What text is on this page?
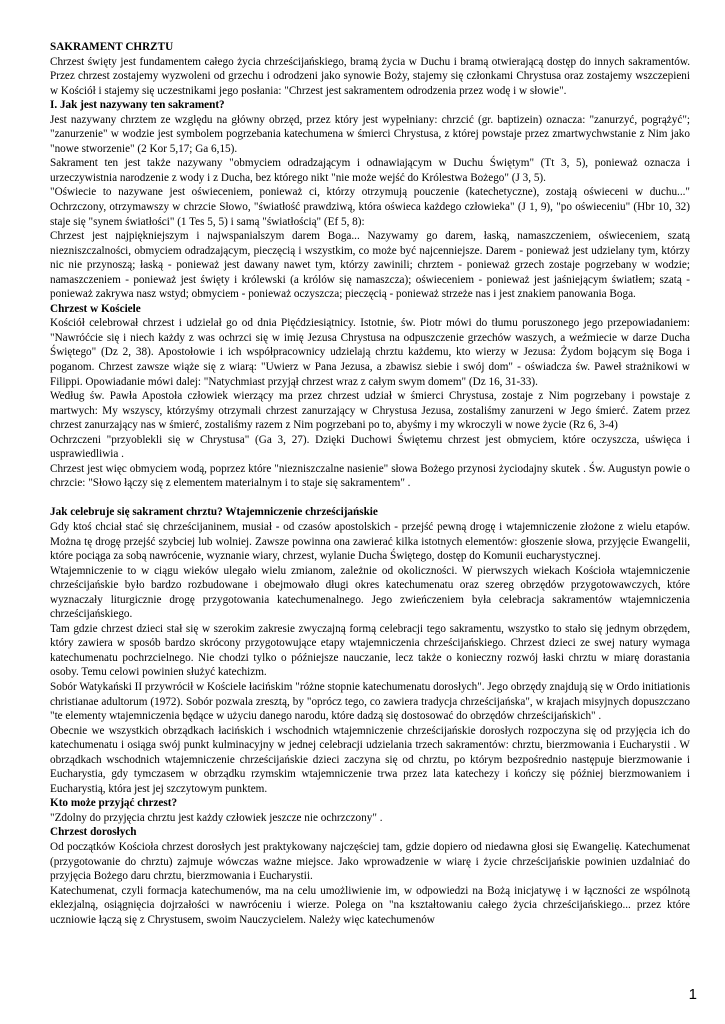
SAKRAMENT CHRZTU

Chrzest święty jest fundamentem całego życia chrześcijańskiego, bramą życia w Duchu i bramą otwierającą dostęp do innych sakramentów. Przez chrzest zostajemy wyzwoleni od grzechu i odrodzeni jako synowie Boży, stajemy się członkami Chrystusa oraz zostajemy wszczepieni w Kościół i stajemy się uczestnikami jego posłania: "Chrzest jest sakramentem odrodzenia przez wodę i w słowie".

I. Jak jest nazywany ten sakrament?

Jest nazywany chrztem ze względu na główny obrzęd, przez który jest wypełniany: chrzcić (gr. baptizein) oznacza: "zanurzyć, pogrążyć"; "zanurzenie" w wodzie jest symbolem pogrzebania katechumena w śmierci Chrystusa, z której powstaje przez zmartwychwstanie z Nim jako "nowe stworzenie" (2 Kor 5,17; Ga 6,15).

Sakrament ten jest także nazywany "obmyciem odradzającym i odnawiającym w Duchu Świętym" (Tt 3, 5), ponieważ oznacza i urzeczywistnia narodzenie z wody i z Ducha, bez którego nikt "nie może wejść do Królestwa Bożego" (J 3, 5).

"Oświecie to nazywane jest oświeceniem, ponieważ ci, którzy otrzymują pouczenie (katechetyczne), zostają oświeceni w duchu..." Ochrzczony, otrzymawszy w chrzcie Słowo, "światłość prawdziwą, która oświeca każdego człowieka" (J 1, 9), "po oświeceniu" (Hbr 10, 32) staje się "synem światłości" (1 Tes 5, 5) i samą "światłością" (Ef 5, 8):

Chrzest jest najpiękniejszym i najwspanialszym darem Boga... Nazywamy go darem, łaską, namaszczeniem, oświeceniem, szatą niezniszczalności, obmyciem odradzającym, pieczęcią i wszystkim, co może być najcenniejsze. Darem - ponieważ jest udzielany tym, którzy nic nie przynoszą; łaską - ponieważ jest dawany nawet tym, którzy zawinili; chrztem - ponieważ grzech zostaje pogrzebany w wodzie; namaszczeniem - ponieważ jest święty i królewski (a królów się namaszcza); oświeceniem - ponieważ jest jaśniejącym światłem; szatą - ponieważ zakrywa nasz wstyd; obmyciem - ponieważ oczyszcza; pieczęcią - ponieważ strzeże nas i jest znakiem panowania Boga.

Chrzest w Kościele

Kościół celebrował chrzest i udzielał go od dnia Pięćdziesiątnicy. Istotnie, św. Piotr mówi do tłumu poruszonego jego przepowiadaniem: "Nawróćcie się i niech każdy z was ochrzci się w imię Jezusa Chrystusa na odpuszczenie grzechów waszych, a weźmiecie w darze Ducha Świętego" (Dz 2, 38). Apostołowie i ich współpracownicy udzielają chrztu każdemu, kto wierzy w Jezusa: Żydom bojącym się Boga i poganom. Chrzest zawsze wiąże się z wiarą: "Uwierz w Pana Jezusa, a zbawisz siebie i swój dom" - oświadcza św. Paweł strażnikowi w Filippi. Opowiadanie mówi dalej: "Natychmiast przyjął chrzest wraz z całym swym domem" (Dz 16, 31-33).

Według św. Pawła Apostoła człowiek wierzący ma przez chrzest udział w śmierci Chrystusa, zostaje z Nim pogrzebany i powstaje z martwych: My wszyscy, którzyśmy otrzymali chrzest zanurzający w Chrystusa Jezusa, zostaliśmy zanurzeni w Jego śmierć. Zatem przez chrzest zanurzający nas w śmierć, zostaliśmy razem z Nim pogrzebani po to, abyśmy i my wkroczyli w nowe życie (Rz 6, 3-4)

Ochrzczeni "przyoblekli się w Chrystusa" (Ga 3, 27). Dzięki Duchowi Świętemu chrzest jest obmyciem, które oczyszcza, uświęca i usprawiedliwia .

Chrzest jest więc obmyciem wodą, poprzez które "niezniszczalne nasienie" słowa Bożego przynosi życiodajny skutek . Św. Augustyn powie o chrzcie: "Słowo łączy się z elementem materialnym i to staje się sakramentem" .

Jak celebruje się sakrament chrztu? Wtajemniczenie chrześcijańskie

Gdy ktoś chciał stać się chrześcijaninem, musiał - od czasów apostolskich - przejść pewną drogę i wtajemniczenie złożone z wielu etapów. Można tę drogę przejść szybciej lub wolniej. Zawsze powinna ona zawierać kilka istotnych elementów: głoszenie słowa, przyjęcie Ewangelii, które pociąga za sobą nawrócenie, wyznanie wiary, chrzest, wylanie Ducha Świętego, dostęp do Komunii eucharystycznej.

Wtajemniczenie to w ciągu wieków ulegało wielu zmianom, zależnie od okoliczności. W pierwszych wiekach Kościoła wtajemniczenie chrześcijańskie było bardzo rozbudowane i obejmowało długi okres katechumenatu oraz szereg obrzędów przygotowawczych, które wyznaczały liturgicznie drogę przygotowania katechumenalnego. Jego zwieńczeniem była celebracja sakramentów wtajemniczenia chrześcijańskiego.

Tam gdzie chrzest dzieci stał się w szerokim zakresie zwyczajną formą celebracji tego sakramentu, wszystko to stało się jednym obrzędem, który zawiera w sposób bardzo skrócony przygotowujące etapy wtajemniczenia chrześcijańskiego. Chrzest dzieci ze swej natury wymaga katechumenatu pochrzcielnego. Nie chodzi tylko o późniejsze nauczanie, lecz także o konieczny rozwój łaski chrztu w miarę dorastania osoby. Temu celowi powinien służyć katechizm.

Sobór Watykański II przywrócił w Kościele łacińskim "różne stopnie katechumenatu dorosłych". Jego obrzędy znajdują się w Ordo initiationis christianae adultorum (1972). Sobór pozwala zresztą, by "oprócz tego, co zawiera tradycja chrześcijańska", w krajach misyjnych dopuszczano "te elementy wtajemniczenia będące w użyciu danego narodu, które dadzą się dostosować do obrzędów chrześcijańskich" .

Obecnie we wszystkich obrządkach łacińskich i wschodnich wtajemniczenie chrześcijańskie dorosłych rozpoczyna się od przyjęcia ich do katechumenatu i osiąga swój punkt kulminacyjny w jednej celebracji udzielania trzech sakramentów: chrztu, bierzmowania i Eucharystii . W obrządkach wschodnich wtajemniczenie chrześcijańskie dzieci zaczyna się od chrztu, po którym bezpośrednio następuje bierzmowanie i Eucharystia, gdy tymczasem w obrządku rzymskim wtajemniczenie trwa przez lata katechezy i kończy się później bierzmowaniem i Eucharystią, która jest jej szczytowym punktem.

Kto może przyjąć chrzest?

"Zdolny do przyjęcia chrztu jest każdy człowiek jeszcze nie ochrzczony" .

Chrzest dorosłych

Od początków Kościoła chrzest dorosłych jest praktykowany najczęściej tam, gdzie dopiero od niedawna głosi się Ewangelię. Katechumenat (przygotowanie do chrztu) zajmuje wówczas ważne miejsce. Jako wprowadzenie w wiarę i życie chrześcijańskie powinien uzdalniać do przyjęcia Bożego daru chrztu, bierzmowania i Eucharystii.

Katechumenat, czyli formacja katechumenów, ma na celu umożliwienie im, w odpowiedzi na Bożą inicjatywę i w łączności ze wspólnotą eklezjalną, osiągnięcia dojrzałości w nawróceniu i wierze. Polega on "na kształtowaniu całego życia chrześcijańskiego... przez które uczniowie łączą się z Chrystusem, swoim Nauczycielem. Należy więc katechumenów

1
